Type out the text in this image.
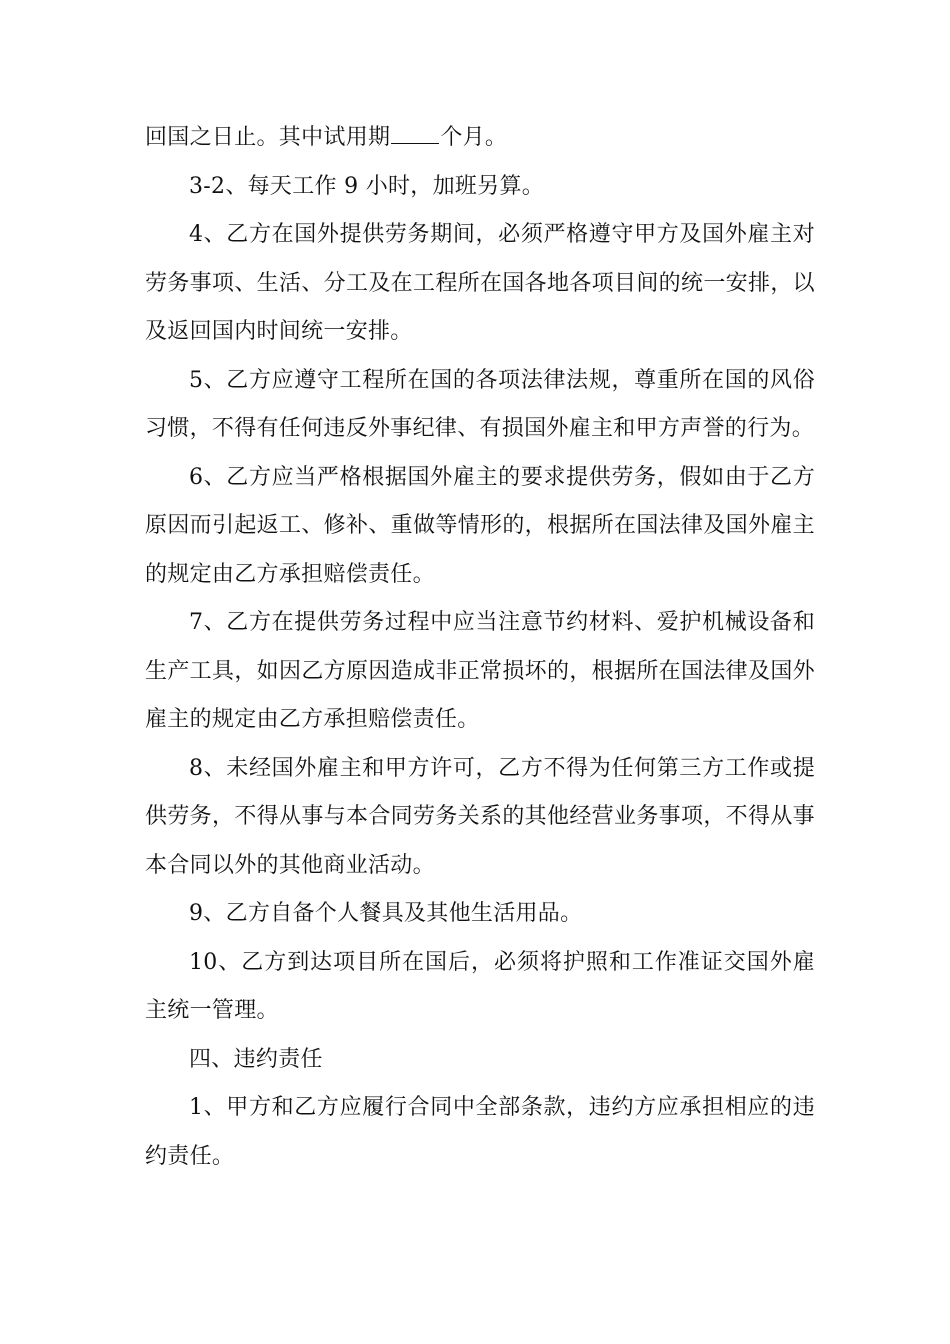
回国之日止。其中试用期 个月。

3-2、每天工作 9 小时，加班另算。

4、乙方在国外提供劳务期间，必须严格遵守甲方及国外雇主对劳务事项、生活、分工及在工程所在国各地各项目间的统一安排，以及返回国内时间统一安排。

5、乙方应遵守工程所在国的各项法律法规，尊重所在国的风俗习惯，不得有任何违反外事纪律、有损国外雇主和甲方声誉的行为。

6、乙方应当严格根据国外雇主的要求提供劳务，假如由于乙方原因而引起返工、修补、重做等情形的，根据所在国法律及国外雇主的规定由乙方承担赔偿责任。

7、乙方在提供劳务过程中应当注意节约材料、爱护机械设备和生产工具，如因乙方原因造成非正常损坏的，根据所在国法律及国外雇主的规定由乙方承担赔偿责任。

8、未经国外雇主和甲方许可，乙方不得为任何第三方工作或提供劳务，不得从事与本合同劳务关系的其他经营业务事项，不得从事本合同以外的其他商业活动。

9、乙方自备个人餐具及其他生活用品。

10、乙方到达项目所在国后，必须将护照和工作准证交国外雇主统一管理。

四、违约责任

1、甲方和乙方应履行合同中全部条款，违约方应承担相应的违约责任。
